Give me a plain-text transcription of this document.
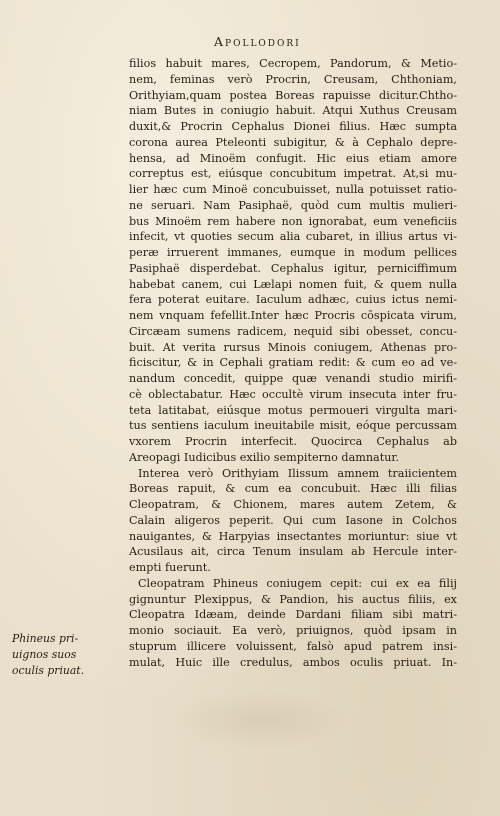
Apollodori
Phineus pri-
uignos suos
oculis priuat.
filios habuit mares, Cecropem, Pandorum, & Metio-
nem, feminas verò Procrin, Creusam, Chthoniam,
Orithyiam,quam postea Boreas rapuisse dicitur.Chtho-
niam Butes in coniugio habuit. Atqui Xuthus Creusam
duxit,& Procrin Cephalus Dionei filius. Hæc sumpta
corona aurea Pteleonti subigitur, & à Cephalo depre-
hensa, ad Minoëm confugit. Hic eius etiam amore
correptus est, eiúsque concubitum impetrat. At,si mu-
lier hæc cum Minoë concubuisset, nulla potuisset ratio-
ne seruari. Nam Pasiphaë, quòd cum multis mulieri-
bus Minoëm rem habere non ignorabat, eum veneficiis
infecit, vt quoties secum alia cubaret, in illius artus vi-
peræ irruerent immanes, eumque in modum pellices
Pasiphaë disperdebat. Cephalus igitur, perniciffimum
habebat canem, cui Lælapi nomen fuit, & quem nulla
fera poterat euitare. Iaculum adhæc, cuius ictus nemi-
nem vnquam fefellit.Inter hæc Procris cōspicata virum,
Circæam sumens radicem, nequid sibi obesset, concu-
buit. At verita rursus Minois coniugem, Athenas pro-
ficiscitur, & in Cephali gratiam redit: & cum eo ad ve-
nandum concedit, quippe quæ venandi studio mirifi-
cè oblectabatur. Hæc occultè virum insecuta inter fru-
teta latitabat, eiúsque motus permoueri virgulta mari-
tus sentiens iaculum ineuitabile misit, eóque percussam
vxorem Procrin interfecit. Quocirca Cephalus ab
Areopagi Iudicibus exilio sempiterno damnatur.
Interea verò Orithyiam Ilissum amnem traiicientem
Boreas rapuit, & cum ea concubuit. Hæc illi filias
Cleopatram, & Chionem, mares autem Zetem, &
Calain aligeros peperit. Qui cum Iasone in Colchos
nauigantes, & Harpyias insectantes moriuntur: siue vt
Acusilaus ait, circa Tenum insulam ab Hercule inter-
empti fuerunt.
Cleopatram Phineus coniugem cepit: cui ex ea filij
gignuntur Plexippus, & Pandion, his auctus filiis, ex
Cleopatra Idæam, deinde Dardani filiam sibi matri-
monio sociauit. Ea verò, priuignos, quòd ipsam in
stuprum illicere voluissent, falsò apud patrem insi-
mulat, Huic ille credulus, ambos oculis priuat. In-
